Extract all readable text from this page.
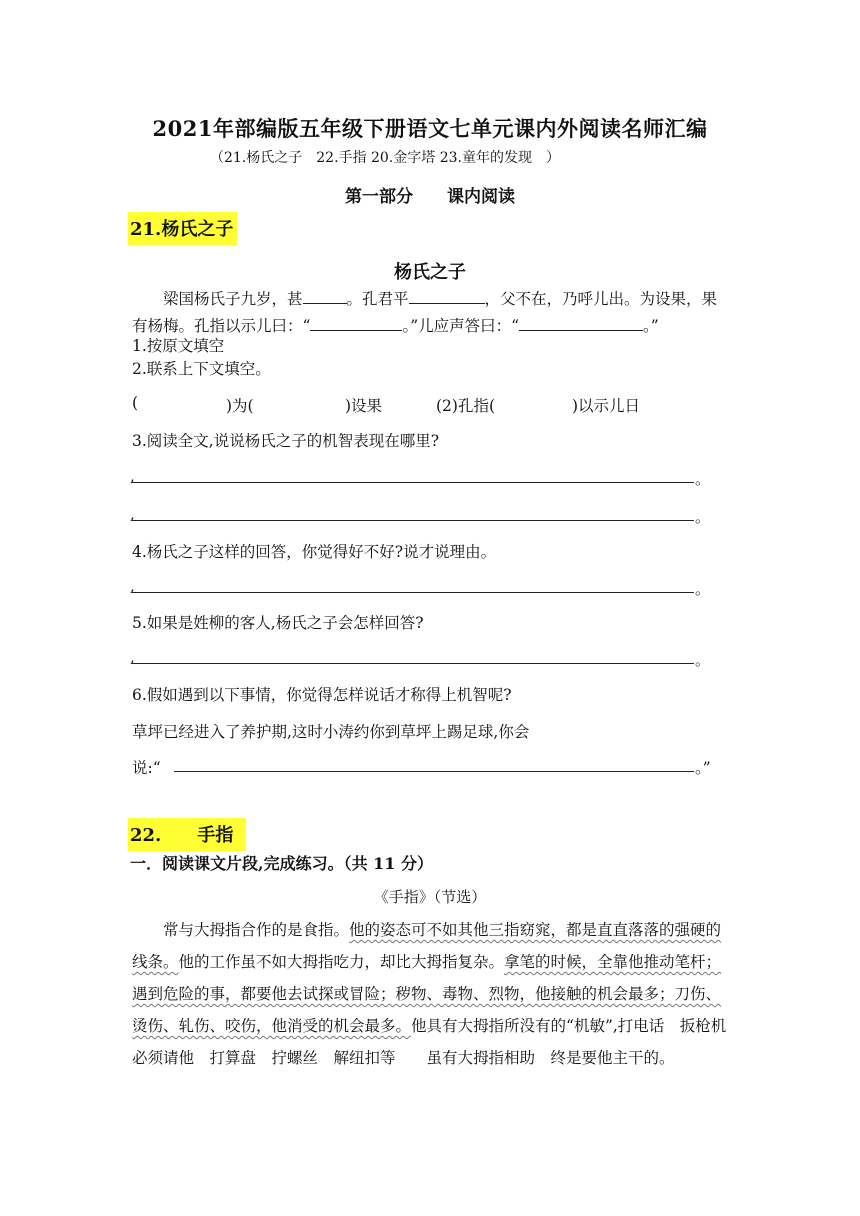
2021年部编版五年级下册语文七单元课内外阅读名师汇编
（21.杨氏之子　22.手指 20.金字塔 23.童年的发现　）
第一部分　　课内阅读
21.杨氏之子
杨氏之子
梁国杨氏子九岁，甚	。孔君平	，父不在，乃呼儿出。为设果，果有杨梅。孔指以示儿曰：“	。”儿应声答曰：“	。”
1.按原文填空
2.联系上下文填空。
(	)为(	)设果	(2)孔指(	)以示儿日
3.阅读全文,说说杨氏之子的机智表现在哪里?
,	。
,	。
4.杨氏之子这样的回答，你觉得好不好?说才说理由。
,	。
5.如果是姓柳的客人,杨氏之子会怎样回答?
,	。
6.假如遇到以下事情，你觉得怎样说话才称得上机智呢?
草坪已经进入了养护期,这时小涛约你到草坪上踢足球,你会
说:“	。”
22.　　手指
一．阅读课文片段,完成练习。（共 11 分）
《手指》（节选）
常与大拇指合作的是食指。他的姿态可不如其他三指窈窕，都是直直落落的强硬的线条。他的工作虽不如大拇指吃力，却比大拇指复杂。拿笔的时候，全靠他推动笔杆；遇到危险的事，都要他去试探或冒险；秽物、毒物、烈物，他接触的机会最多；刀伤、烫伤、轧伤、咬伤，他消受的机会最多。他具有大拇指所没有的“机敏”,打电话　扳枪机必须请他　打算盘　拧螺丝　解纽扣等　　虽有大拇指相助　终是要他主干的。
